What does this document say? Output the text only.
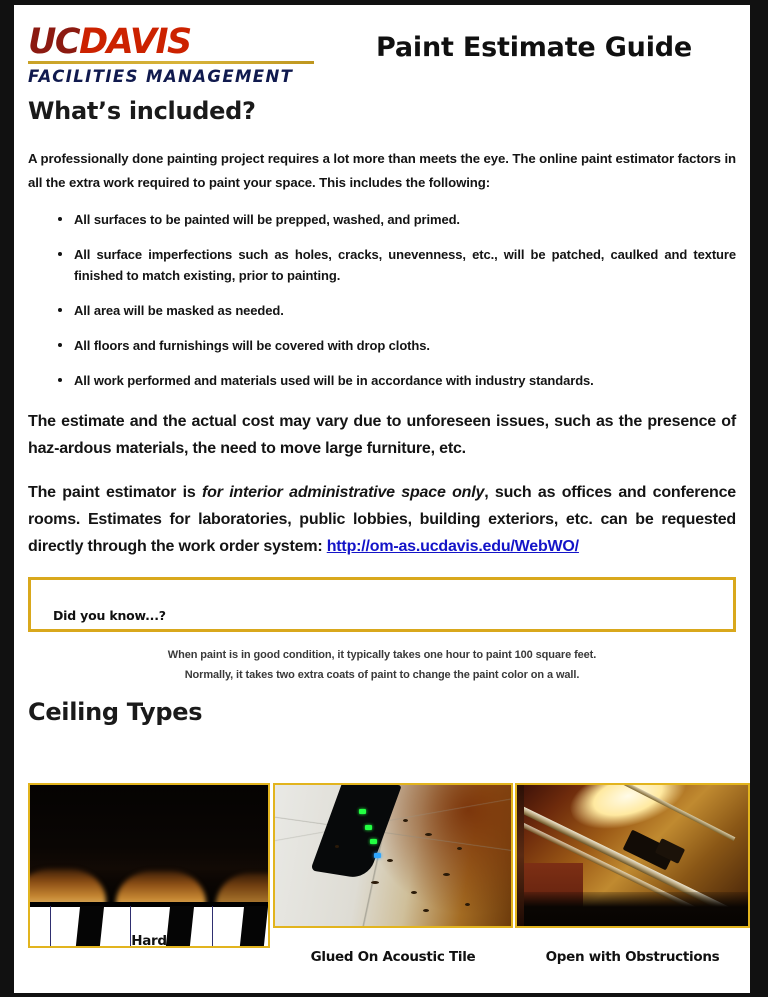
UCDAVIS
FACILITIES MANAGEMENT
Paint Estimate Guide
What’s included?

A professionally done painting project requires a lot more than meets the eye. The online paint estimator factors in all the extra work required to paint your space. This includes the following:

All surfaces to be painted will be prepped, washed, and primed.
All surface imperfections such as holes, cracks, unevenness, etc., will be patched, caulked and texture finished to match existing, prior to painting.
All area will be masked as needed.
All floors and furnishings will be covered with drop cloths.
All work performed and materials used will be in accordance with industry standards.

The estimate and the actual cost may vary due to unforeseen issues, such as the presence of haz-ardous materials, the need to move large furniture, etc.

The paint estimator is for interior administrative space only, such as offices and conference rooms. Estimates for laboratories, public lobbies, building exteriors, etc. can be requested directly through the work order system: http://om-as.ucdavis.edu/WebWO/

Did you know...?

When paint is in good condition, it typically takes one hour to paint 100 square feet.

Normally, it takes two extra coats of paint to change the paint color on a wall.

Ceiling Types
Hard
Glued On Acoustic Tile	Open with Obstructions
